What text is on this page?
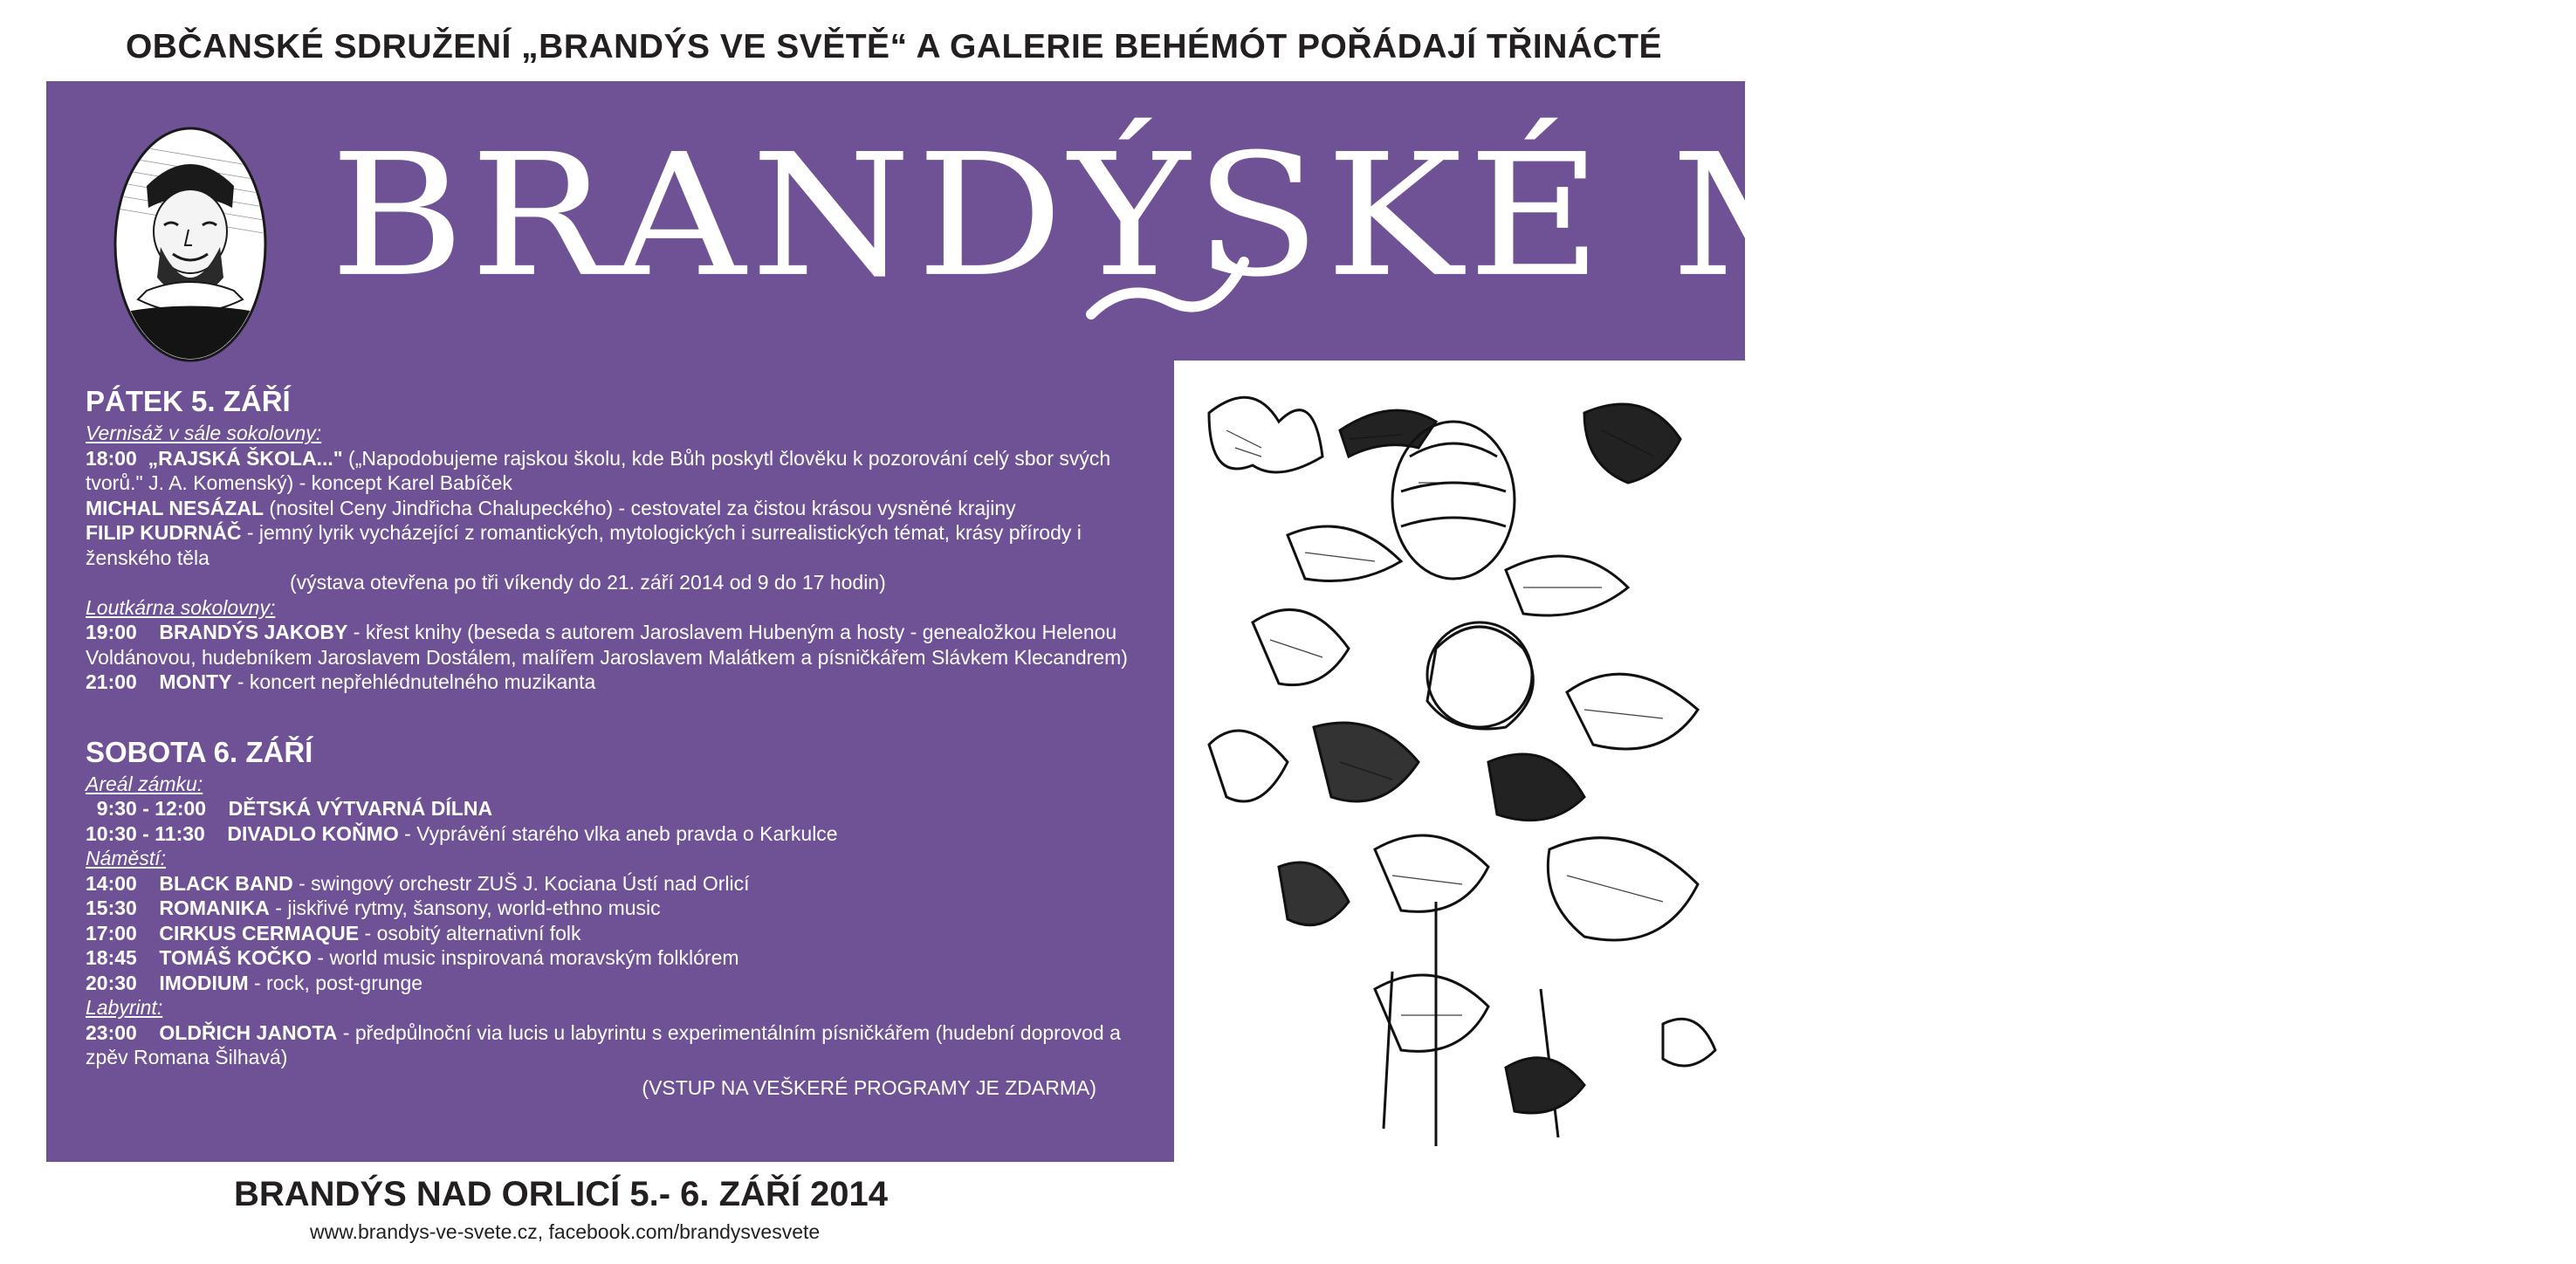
OBČANSKÉ SDRUŽENÍ „BRANDÝS VE SVĚTĚ“ A GALERIE BEHÉMÓT POŘÁDAJÍ TŘINÁCTÉ
BRANDÝSKÉ MÁMENÍ
PÁTEK 5. ZÁŘÍ
Vernisáž v sále sokolovny:
18:00 „RAJSKÁ ŠKOLA..." („Napodobujeme rajskou školu, kde Bůh poskytl člověku k pozorování celý sbor svých tvorů." J. A. Komenský) - koncept Karel Babíček
MICHAL NESÁZAL (nositel Ceny Jindřicha Chalupeckého) - cestovatel za čistou krásou vysněné krajiny
FILIP KUDRNÁČ - jemný lyrik vycházející z romantických, mytologických i surrealistických témat, krásy přírody i ženského těla
(výstava otevřena po tři víkendy do 21. září 2014 od 9 do 17 hodin)
Loutkárna sokolovny:
19:00 BRANDÝS JAKOBY - křest knihy (beseda s autorem Jaroslavem Hubeným a hosty - genealožkou Helenou Voldánovou, hudebníkem Jaroslavem Dostálem, malířem Jaroslavem Malátkem a písničkářem Slávkem Klecandrem)
21:00 MONTY - koncert nepřehlédnutelného muzikanta
SOBOTA 6. ZÁŘÍ
Areál zámku:
9:30 - 12:00 DĚTSKÁ VÝTVARNÁ DÍLNA
10:30 - 11:30 DIVADLO KOŇMO - Vyprávění starého vlka aneb pravda o Karkulce
Náměstí:
14:00 BLACK BAND - swingový orchestr ZUŠ J. Kociana Ústí nad Orlicí
15:30 ROMANIKA - jiskřivé rytmy, šansony, world-ethno music
17:00 CIRKUS CERMAQUE - osobitý alternativní folk
18:45 TOMÁŠ KOČKO - world music inspirovaná moravským folklórem
20:30 IMODIUM - rock, post-grunge
Labyrint:
23:00 OLDŘICH JANOTA - předpůlnoční via lucis u labyrintu s experimentálním písničkářem (hudební doprovod a zpěv Romana Šilhavá)
(VSTUP NA VEŠKERÉ PROGRAMY JE ZDARMA)
BRANDÝS NAD ORLICÍ 5.- 6. ZÁŘÍ 2014
www.brandys-ve-svete.cz, facebook.com/brandysvesvete
